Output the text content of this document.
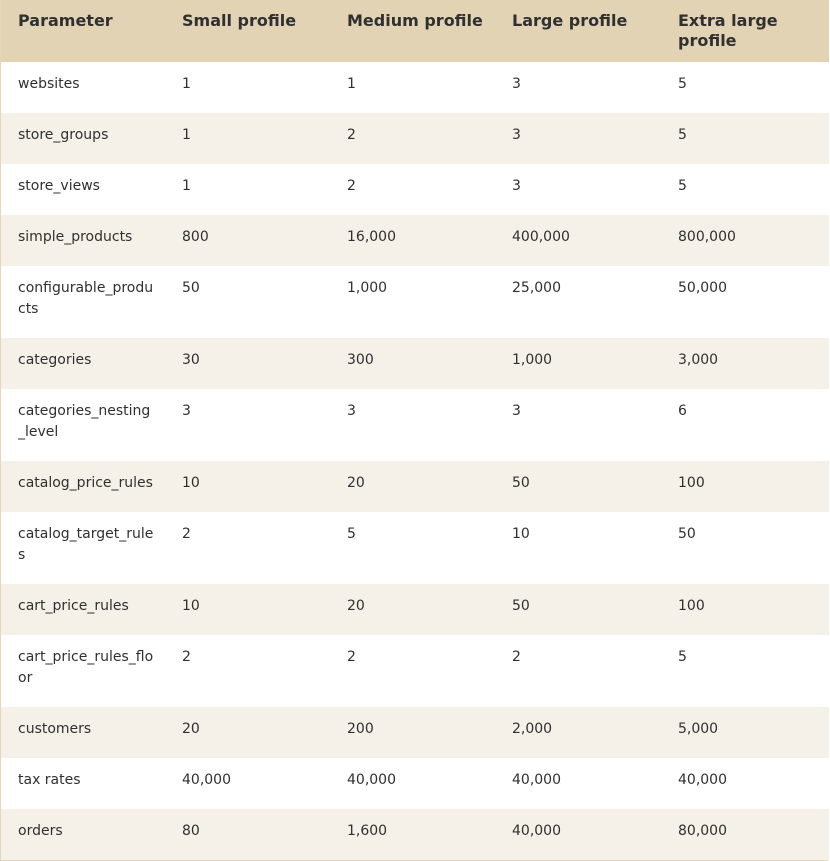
Parameter	Small profile	Medium profile	Large profile	Extra large profile
websites	1	1	3	5
store_groups	1	2	3	5
store_views	1	2	3	5
simple_products	800	16,000	400,000	800,000
configurable_products	50	1,000	25,000	50,000
categories	30	300	1,000	3,000
categories_nesting_level	3	3	3	6
catalog_price_rules	10	20	50	100
catalog_target_rules	2	5	10	50
cart_price_rules	10	20	50	100
cart_price_rules_floor	2	2	2	5
customers	20	200	2,000	5,000
tax rates	40,000	40,000	40,000	40,000
orders	80	1,600	40,000	80,000
